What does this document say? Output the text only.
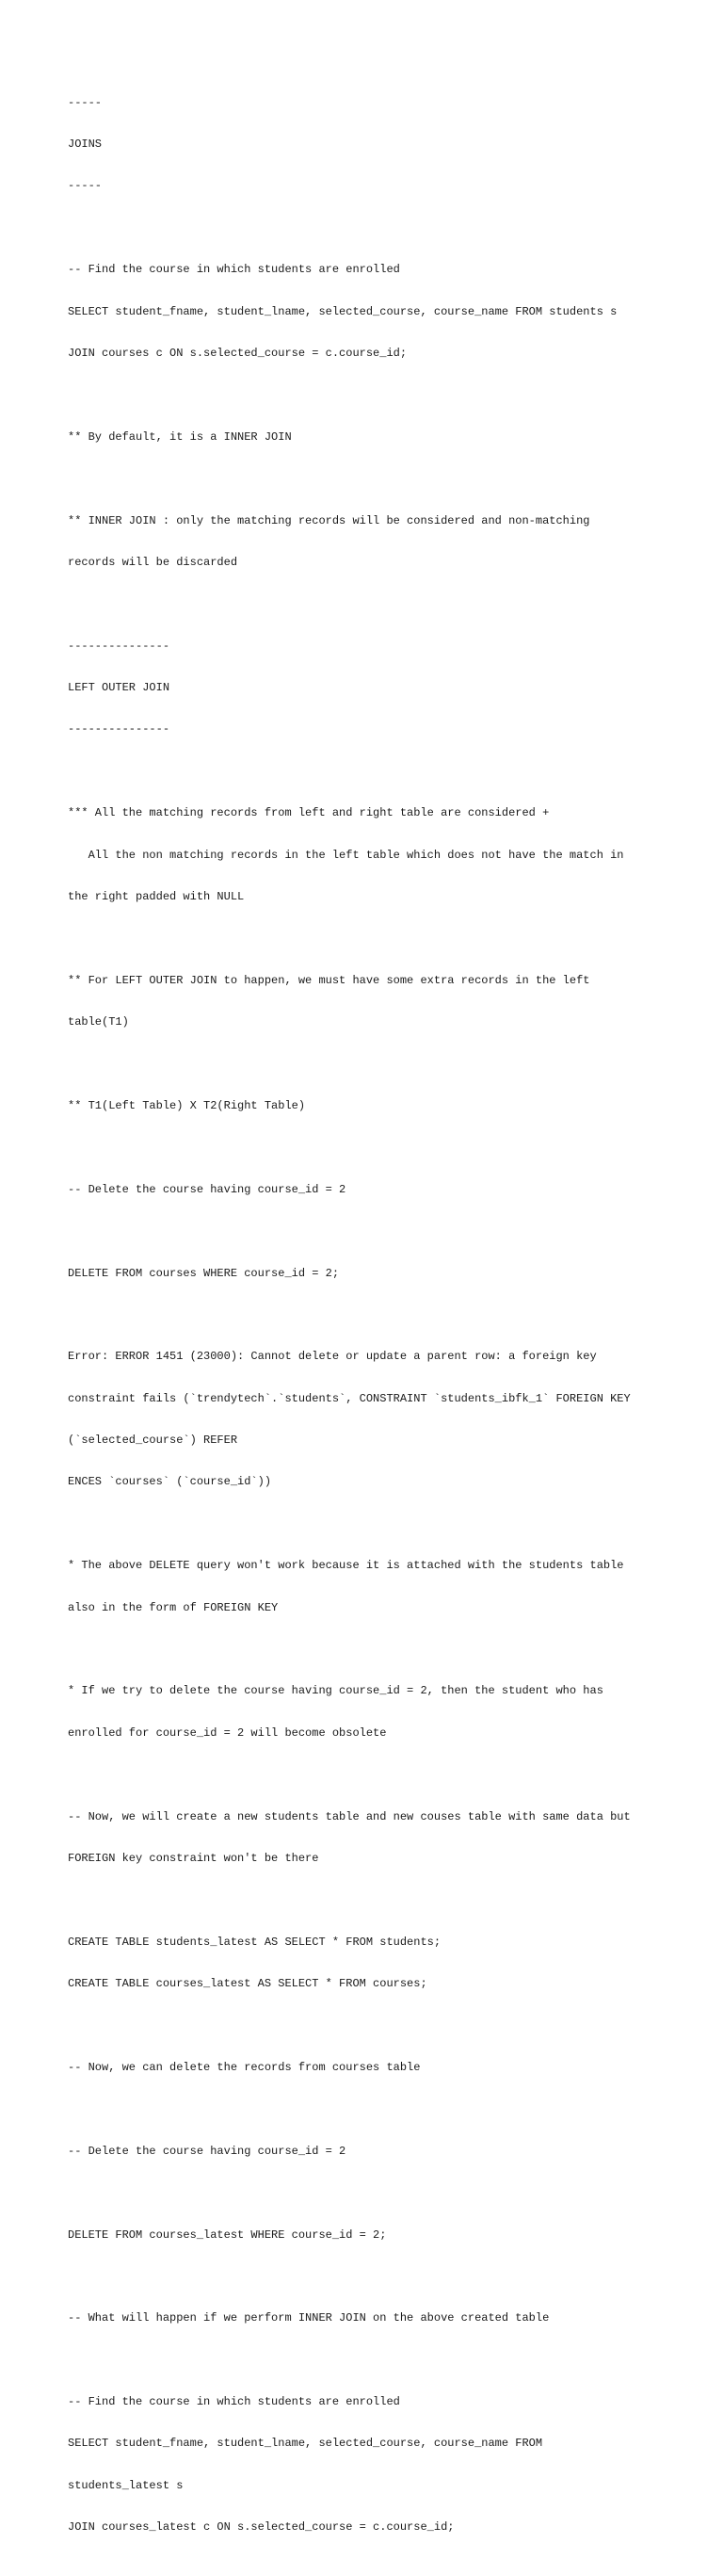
-----

JOINS

-----

-- Find the course in which students are enrolled

SELECT student_fname, student_lname, selected_course, course_name FROM students s

JOIN courses c ON s.selected_course = c.course_id;

** By default, it is a INNER JOIN

** INNER JOIN : only the matching records will be considered and non-matching

records will be discarded

---------------

LEFT OUTER JOIN

---------------

*** All the matching records from left and right table are considered +

All the non matching records in the left table which does not have the match in

the right padded with NULL

** For LEFT OUTER JOIN to happen, we must have some extra records in the left

table(T1)

** T1(Left Table) X T2(Right Table)

-- Delete the course having course_id = 2

DELETE FROM courses WHERE course_id = 2;

Error: ERROR 1451 (23000): Cannot delete or update a parent row: a foreign key

constraint fails (`trendytech`.`students`, CONSTRAINT `students_ibfk_1` FOREIGN KEY

(`selected_course`) REFER

ENCES `courses` (`course_id`))

* The above DELETE query won't work because it is attached with the students table

also in the form of FOREIGN KEY

* If we try to delete the course having course_id = 2, then the student who has

enrolled for course_id = 2 will become obsolete

-- Now, we will create a new students table and new couses table with same data but

FOREIGN key constraint won't be there

CREATE TABLE students_latest AS SELECT * FROM students;

CREATE TABLE courses_latest AS SELECT * FROM courses;

-- Now, we can delete the records from courses table

-- Delete the course having course_id = 2

DELETE FROM courses_latest WHERE course_id = 2;

-- What will happen if we perform INNER JOIN on the above created table

-- Find the course in which students are enrolled

SELECT student_fname, student_lname, selected_course, course_name FROM

students_latest s

JOIN courses_latest c ON s.selected_course = c.course_id;
